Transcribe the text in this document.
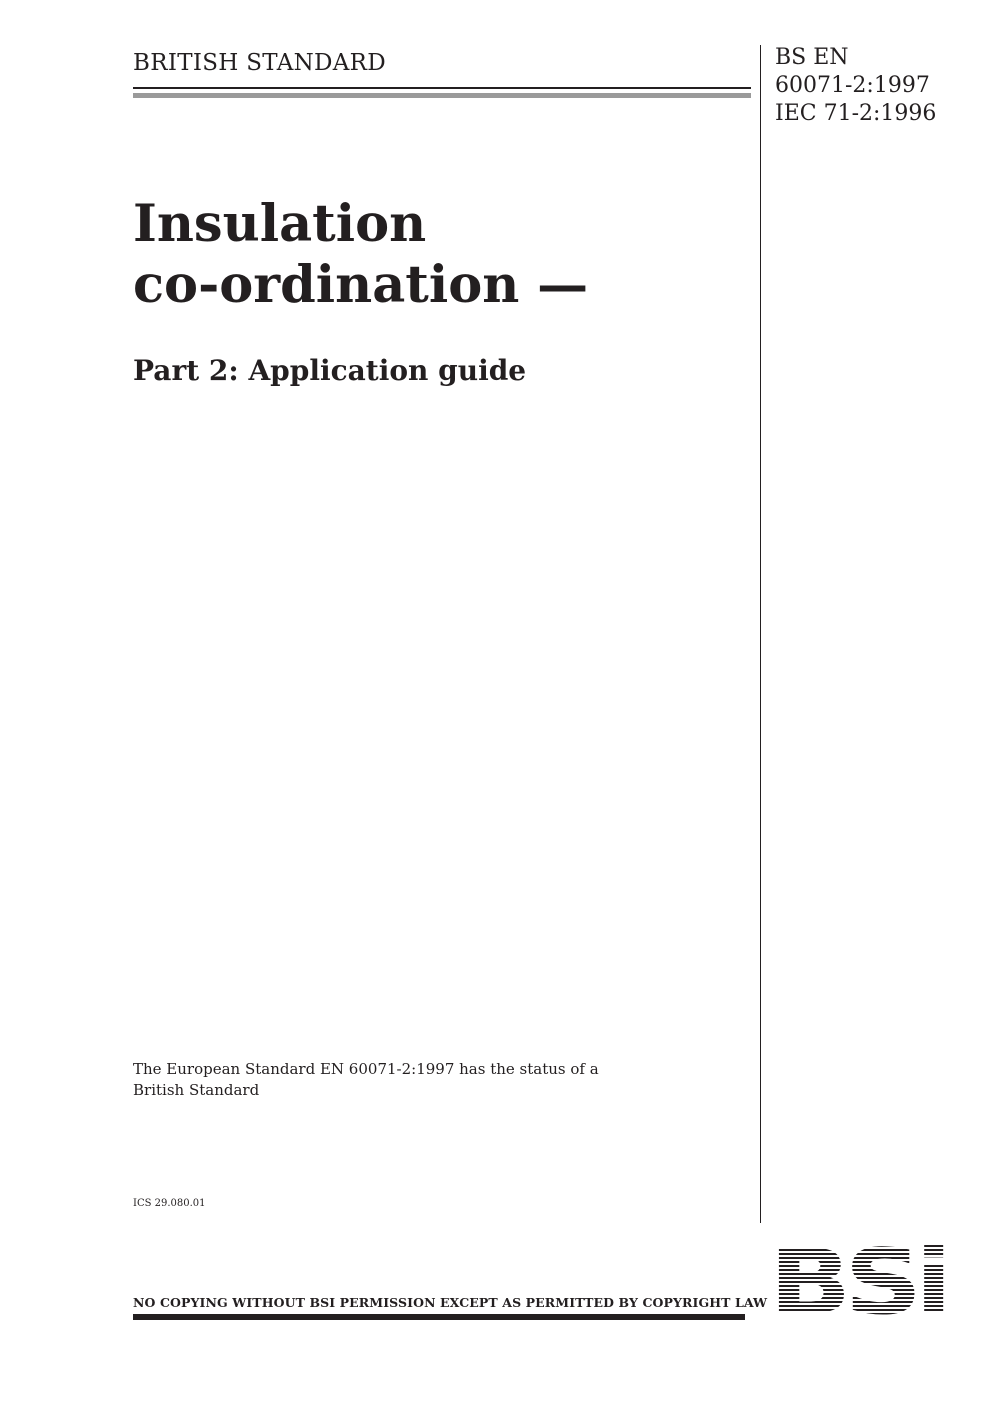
BRITISH STANDARD	BS EN
60071-2:1997
IEC 71-2:1996
Insulation
co-ordination —
Part 2: Application guide
The European Standard EN 60071-2:1997 has the status of a
British Standard
ICS 29.080.01
NO COPYING WITHOUT BSI PERMISSION EXCEPT AS PERMITTED BY COPYRIGHT LAW
